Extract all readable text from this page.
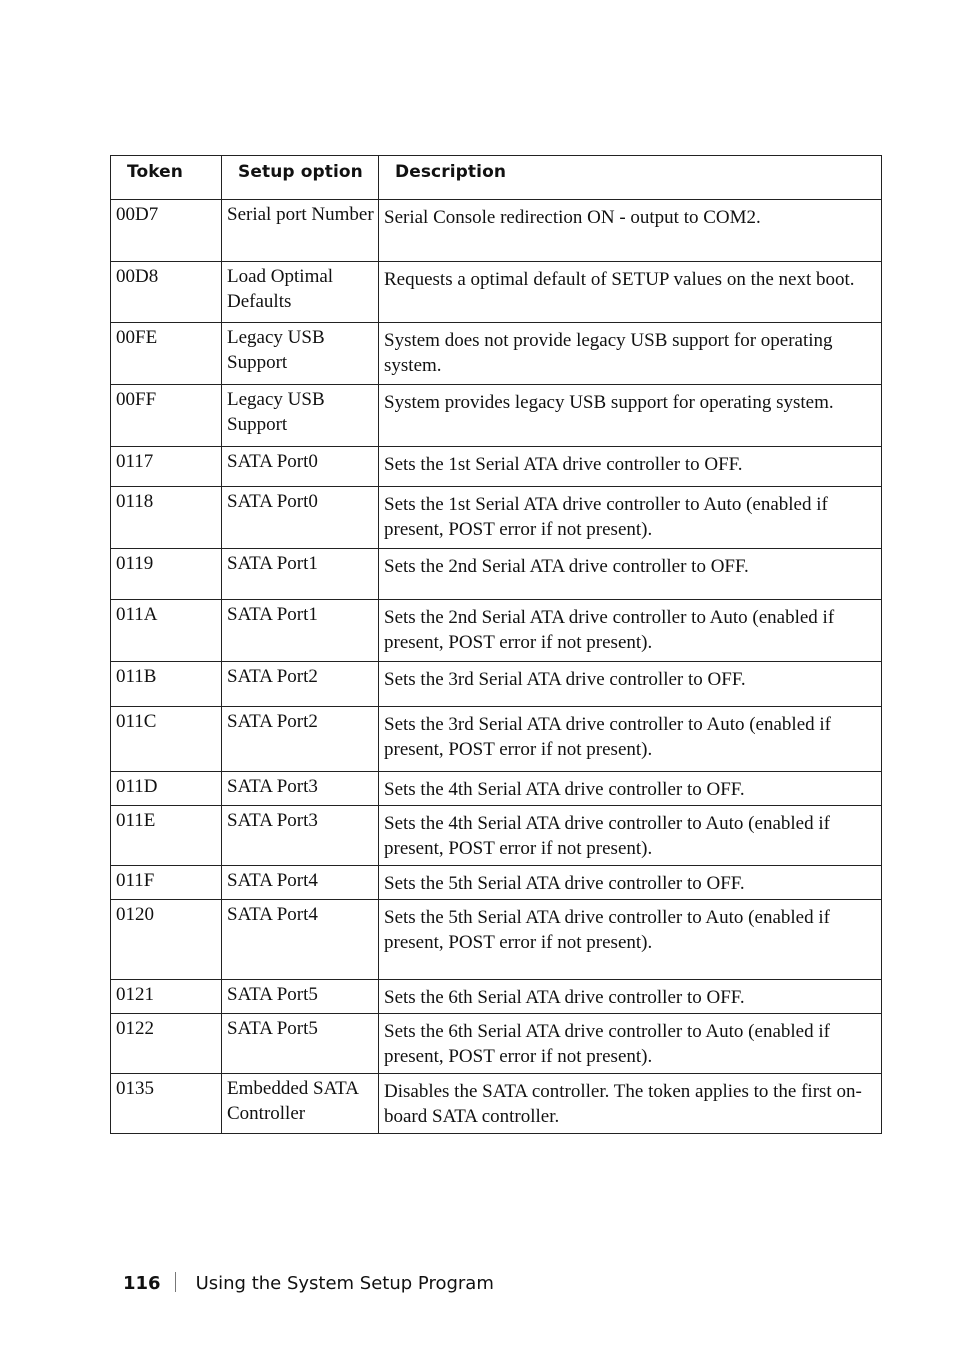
Token	Setup option	Description
00D7	Serial port Number	Serial Console redirection ON - output to COM2.
00D8	Load Optimal Defaults	Requests a optimal default of SETUP values on the next boot.
00FE	Legacy USB Support	System does not provide legacy USB support for operating system.
00FF	Legacy USB Support	System provides legacy USB support for operating system.
0117	SATA Port0	Sets the 1st Serial ATA drive controller to OFF.
0118	SATA Port0	Sets the 1st Serial ATA drive controller to Auto (enabled if present, POST error if not present).
0119	SATA Port1	Sets the 2nd Serial ATA drive controller to OFF.
011A	SATA Port1	Sets the 2nd Serial ATA drive controller to Auto (enabled if present, POST error if not present).
011B	SATA Port2	Sets the 3rd Serial ATA drive controller to OFF.
011C	SATA Port2	Sets the 3rd Serial ATA drive controller to Auto (enabled if present, POST error if not present).
011D	SATA Port3	Sets the 4th Serial ATA drive controller to OFF.
011E	SATA Port3	Sets the 4th Serial ATA drive controller to Auto (enabled if present, POST error if not present).
011F	SATA Port4	Sets the 5th Serial ATA drive controller to OFF.
0120	SATA Port4	Sets the 5th Serial ATA drive controller to Auto (enabled if present, POST error if not present).
0121	SATA Port5	Sets the 6th Serial ATA drive controller to OFF.
0122	SATA Port5	Sets the 6th Serial ATA drive controller to Auto (enabled if present, POST error if not present).
0135	Embedded SATA Controller	Disables the SATA controller. The token applies to the first on-board SATA controller.
116 Using the System Setup Program
